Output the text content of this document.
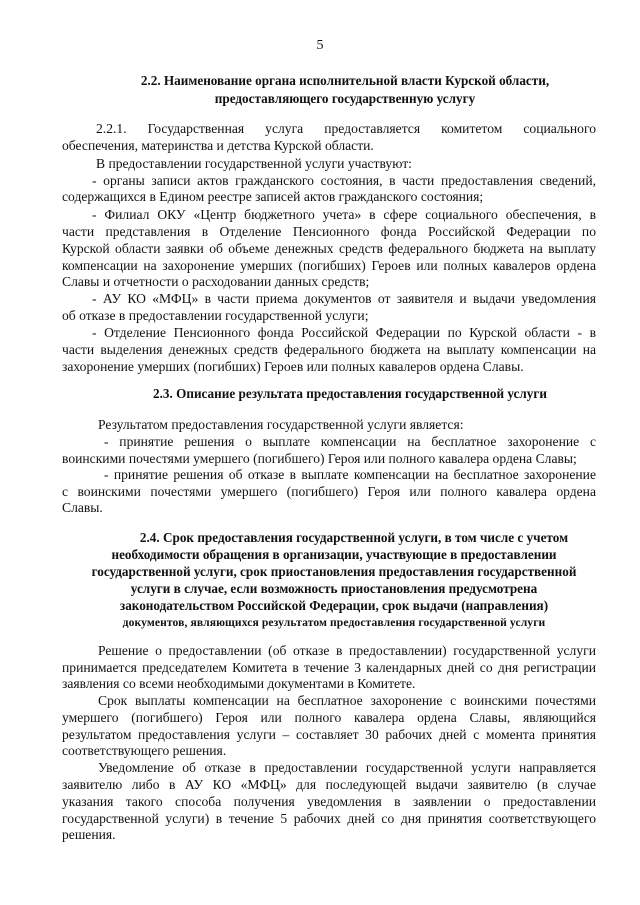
5
2.2. Наименование органа исполнительной власти Курской области,
предоставляющего государственную услугу
2.2.1. Государственная услуга предоставляется комитетом социального
обеспечения, материнства и детства Курской области.
В предоставлении государственной услуги участвуют:
- органы записи актов гражданского состояния, в части предоставления сведений,
содержащихся в Едином реестре записей актов гражданского состояния;
- Филиал ОКУ «Центр бюджетного учета» в сфере социального обеспечения, в
части представления в Отделение Пенсионного фонда Российской Федерации по
Курской области заявки об объеме денежных средств федерального бюджета на выплату
компенсации на захоронение умерших (погибших) Героев или полных кавалеров ордена
Славы и отчетности о расходовании данных средств;
- АУ КО «МФЦ» в части приема документов от заявителя и выдачи уведомления
об отказе в предоставлении государственной услуги;
- Отделение Пенсионного фонда Российской Федерации по Курской области - в
части выделения денежных средств федерального бюджета на выплату компенсации на
захоронение умерших (погибших) Героев или полных кавалеров ордена Славы.
2.3. Описание результата предоставления государственной услуги
Результатом предоставления государственной услуги является:
- принятие решения о выплате компенсации на бесплатное захоронение с
воинскими почестями умершего (погибшего) Героя или полного кавалера ордена Славы;
- принятие решения об отказе в выплате компенсации на бесплатное захоронение
с воинскими почестями умершего (погибшего) Героя или полного кавалера ордена
Славы.
2.4. Срок предоставления государственной услуги, в том числе с учетом
необходимости обращения в организации, участвующие в предоставлении
государственной услуги, срок приостановления предоставления государственной
услуги в случае, если возможность приостановления предусмотрена
законодательством Российской Федерации, срок выдачи (направления)
документов, являющихся результатом предоставления государственной услуги
Решение о предоставлении (об отказе в предоставлении) государственной услуги
принимается председателем Комитета в течение 3 календарных дней со дня регистрации
заявления со всеми необходимыми документами в Комитете.
Срок выплаты компенсации на бесплатное захоронение с воинскими почестями
умершего (погибшего) Героя или полного кавалера ордена Славы, являющийся
результатом предоставления услуги – составляет 30 рабочих дней с момента принятия
соответствующего решения.
Уведомление об отказе в предоставлении государственной услуги направляется
заявителю либо в АУ КО «МФЦ» для последующей выдачи заявителю (в случае
указания такого способа получения уведомления в заявлении о предоставлении
государственной услуги) в течение 5 рабочих дней со дня принятия соответствующего
решения.
